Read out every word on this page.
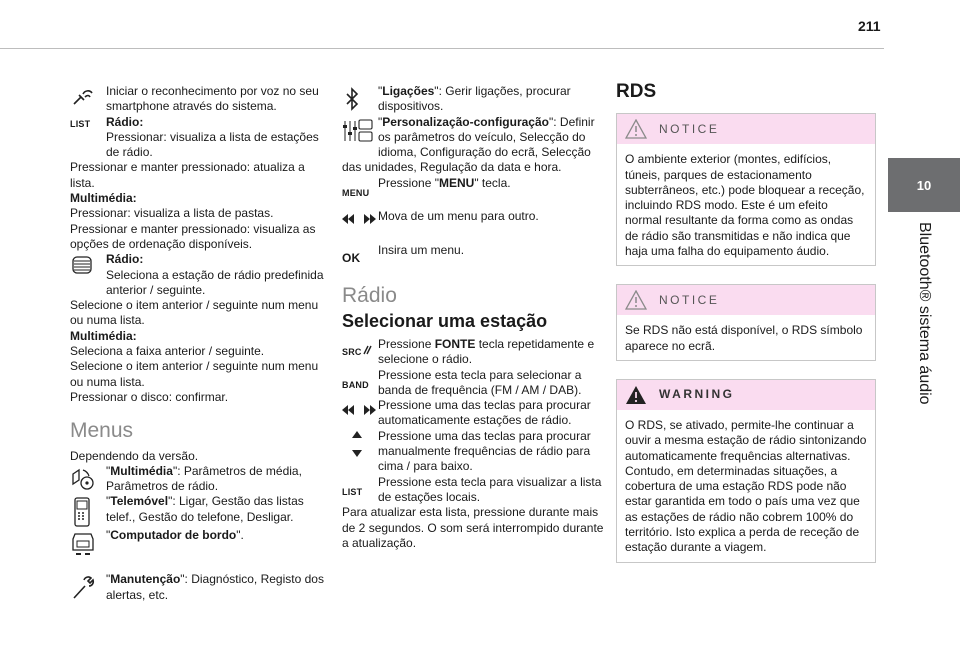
211
10
Bluetooth® sistema áudio

Iniciar o reconhecimento por voz no seu smartphone através do sistema.

LIST	Rádio:

Pressionar: visualiza a lista de estações de rádio.

Pressionar e manter pressionado: atualiza a lista.

Multimédia:

Pressionar: visualiza a lista de pastas.

Pressionar e manter pressionado: visualiza as opções de ordenação disponíveis.

Rádio:

Seleciona a estação de rádio predefinida anterior / seguinte.

Selecione o item anterior / seguinte num menu ou numa lista.

Multimédia:

Seleciona a faixa anterior / seguinte.

Selecione o item anterior / seguinte num menu ou numa lista.

Pressionar o disco: confirmar.

Menus

Dependendo da versão.

"Multimédia": Parâmetros de média, Parâmetros de rádio.

"Telemóvel": Ligar, Gestão das listas telef., Gestão do telefone, Desligar.

"Computador de bordo".

"Manutenção": Diagnóstico, Registo dos alertas, etc.

"Ligações": Gerir ligações, procurar dispositivos.

"Personalização-configuração": Definir os parâmetros do veículo, Selecção do idioma, Configuração do ecrã, Selecção das unidades, Regulação da data e hora.

MENU

Pressione "MENU" tecla.

Mova de um menu para outro.

OK

Insira um menu.

Rádio
Selecionar uma estação
SRC

Pressione FONTE tecla repetidamente e selecione o rádio.

BAND

Pressione esta tecla para selecionar a banda de frequência (FM / AM / DAB).

Pressione uma das teclas para procurar automaticamente estações de rádio.

Pressione uma das teclas para procurar manualmente frequências de rádio para cima / para baixo.

LIST

Pressione esta tecla para visualizar a lista de estações locais.

Para atualizar esta lista, pressione durante mais de 2 segundos. O som será interrompido durante a atualização.

RDS
NOTICE

O ambiente exterior (montes, edifícios, túneis, parques de estacionamento subterrâneos, etc.) pode bloquear a receção, incluindo RDS modo. Este é um efeito normal resultante da forma como as ondas de rádio são transmitidas e não indica que haja uma falha do equipamento áudio.

NOTICE

Se RDS não está disponível, o RDS símbolo aparece no ecrã.

WARNING

O RDS, se ativado, permite-lhe continuar a ouvir a mesma estação de rádio sintonizando automaticamente frequências alternativas. Contudo, em determinadas situações, a cobertura de uma estação RDS pode não estar garantida em todo o país uma vez que as estações de rádio não cobrem 100% do território. Isto explica a perda de receção de estação durante a viagem.
